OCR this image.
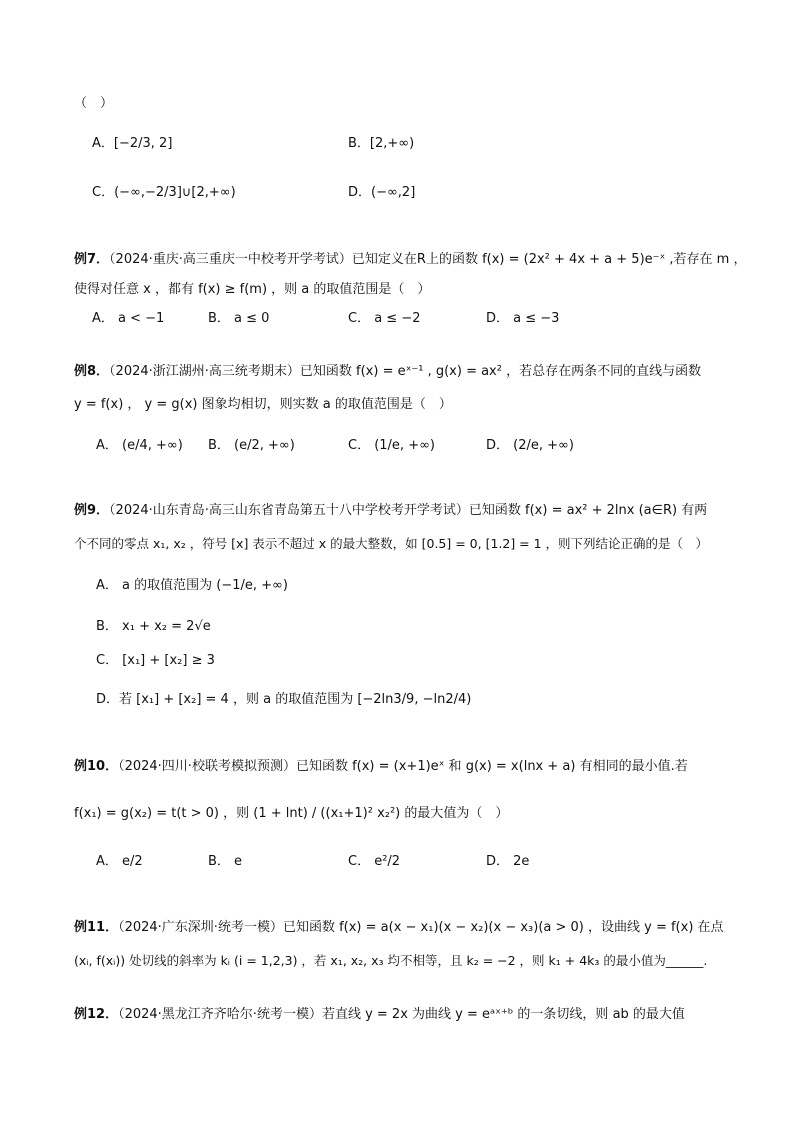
（　）
A．[−2/3, 2]	B．[2,+∞)
C．(−∞,−2/3]∪[2,+∞)	D．(−∞,2]
例7．（2024·重庆·高三重庆一中校考开学考试）已知定义在R上的函数 f(x) = (2x² + 4x + a + 5)e⁻ˣ ,若存在 m ，
使得对任意 x ，都有 f(x) ≥ f(m) ，则 a 的取值范围是（　）
A． a < −1	B． a ≤ 0	C． a ≤ −2	D． a ≤ −3
例8．（2024·浙江湖州·高三统考期末）已知函数 f(x) = eˣ⁻¹ , g(x) = ax² ，若总存在两条不同的直线与函数
y = f(x) ， y = g(x) 图象均相切，则实数 a 的取值范围是（　）
A． (e/4, +∞) B． (e/2, +∞)	C． (1/e, +∞)	D． (2/e, +∞)
例9．（2024·山东青岛·高三山东省青岛第五十八中学校考开学考试）已知函数 f(x) = ax² + 2lnx (a∈R) 有两
个不同的零点 x₁, x₂ ，符号 [x] 表示不超过 x 的最大整数，如 [0.5] = 0, [1.2] = 1 ，则下列结论正确的是（　）
A． a 的取值范围为 (−1/e, +∞)
B． x₁ + x₂ = 2√e
C． [x₁] + [x₂] ≥ 3
D．若 [x₁] + [x₂] = 4 ，则 a 的取值范围为 [−2ln3/9, −ln2/4)
例10．（2024·四川·校联考模拟预测）已知函数 f(x) = (x+1)eˣ 和 g(x) = x(lnx + a) 有相同的最小值.若
f(x₁) = g(x₂) = t(t > 0) ，则 (1 + lnt) / ((x₁+1)² x₂²) 的最大值为（　）
A． e/2	B． e	C． e²/2	D． 2e
例11．（2024·广东深圳·统考一模）已知函数 f(x) = a(x − x₁)(x − x₂)(x − x₃)(a > 0) ，设曲线 y = f(x) 在点
(xᵢ, f(xᵢ)) 处切线的斜率为 kᵢ (i = 1,2,3) ，若 x₁, x₂, x₃ 均不相等，且 k₂ = −2 ，则 k₁ + 4k₃ 的最小值为______.
例12．（2024·黑龙江齐齐哈尔·统考一模）若直线 y = 2x 为曲线 y = eᵃˣ⁺ᵇ 的一条切线，则 ab 的最大值
